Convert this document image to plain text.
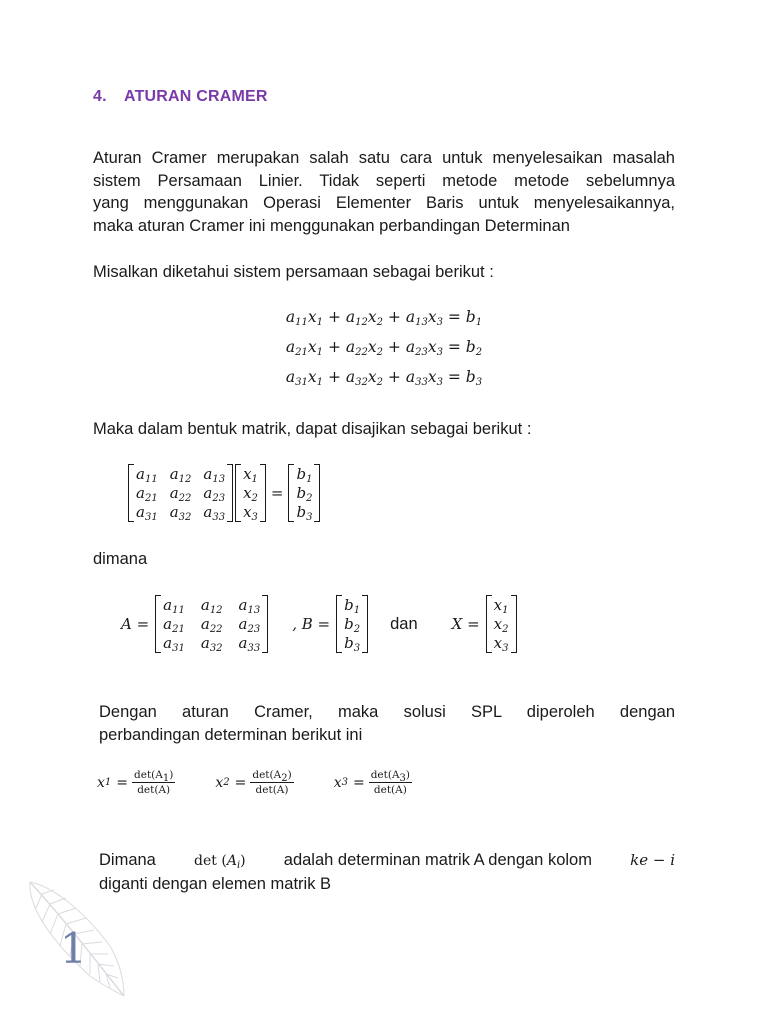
1
4. ATURAN CRAMER
Aturan Cramer merupakan salah satu cara untuk menyelesaikan masalah
sistem Persamaan Linier. Tidak seperti metode metode sebelumnya
yang menggunakan Operasi Elementer Baris untuk menyelesaikannya,
maka aturan Cramer ini menggunakan perbandingan Determinan
Misalkan diketahui sistem persamaan sebagai berikut :
$a_{11}x_1 + a_{12}x_2 + a_{13}x_3 = b_1$
$a_{21}x_1 + a_{22}x_2 + a_{23}x_3 = b_2$
$a_{31}x_1 + a_{32}x_2 + a_{33}x_3 = b_3$
Maka dalam bentuk matrik, dapat disajikan sebagai berikut :
$a_{11}$ $a_{12}$ $a_{13}$
$a_{21}$ $a_{22}$ $a_{23}$
$a_{31}$ $a_{32}$ $a_{33}$
$x_1$
$x_2$
$x_3$
=
$b_1$
$b_2$
$b_3$
dimana
A =
$a_{11}$ $a_{12}$ $a_{13}$
$a_{21}$ $a_{22}$ $a_{23}$
$a_{31}$ $a_{32}$ $a_{33}$
, B =
$b_1$
$b_2$
$b_3$
dan X =
$x_1$
$x_2$
$x_3$
Dengan aturan Cramer, maka solusi SPL diperoleh dengan
perbandingan determinan berikut ini
x $1 = \frac{\det(A_1)}{\det(A)}$	x $2 = \frac{\det(A_2)}{\det(A)}$	x $3 = \frac{\det(A_3)}{\det(A)}$
Dimana	$\det (A_i)$ adalah determinan matrik A dengan kolom	ke − i
diganti dengan elemen matrik B
